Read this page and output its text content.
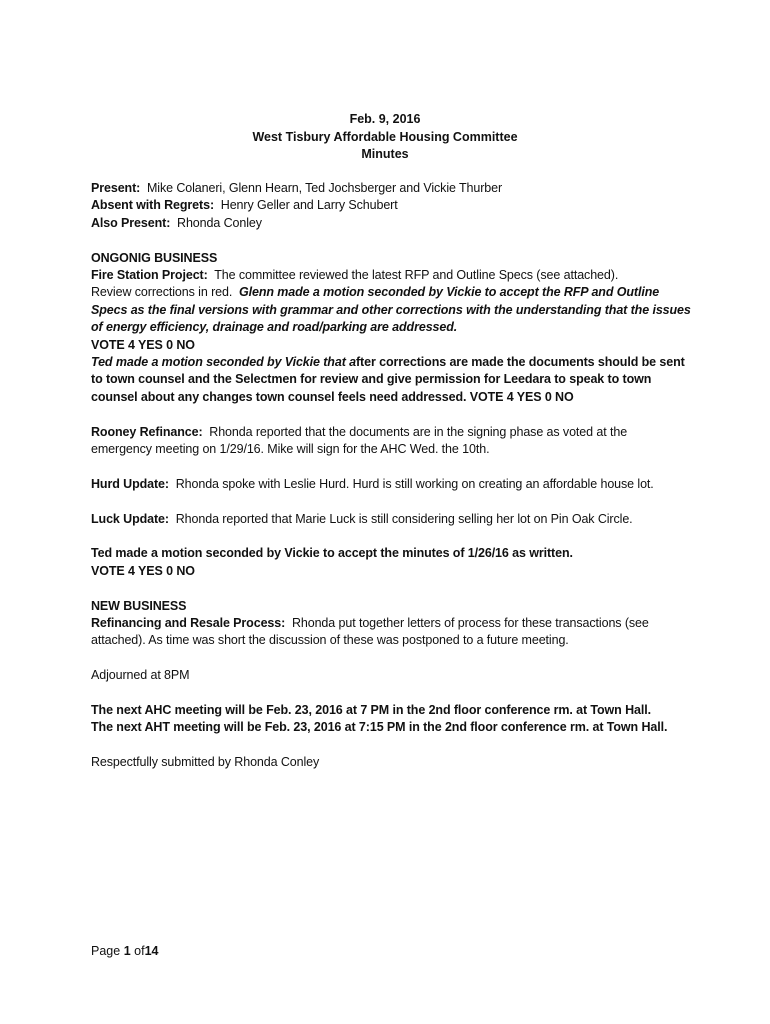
Feb. 9, 2016
West Tisbury Affordable Housing Committee
Minutes

Present: Mike Colaneri, Glenn Hearn, Ted Jochsberger and Vickie Thurber
Absent with Regrets: Henry Geller and Larry Schubert
Also Present: Rhonda Conley

ONGONIG BUSINESS
Fire Station Project: The committee reviewed the latest RFP and Outline Specs (see attached).
Review corrections in red. Glenn made a motion seconded by Vickie to accept the RFP and Outline
Specs as the final versions with grammar and other corrections with the understanding that the issues
of energy efficiency, drainage and road/parking are addressed.
VOTE 4 YES 0 NO
Ted made a motion seconded by Vickie that after corrections are made the documents should be sent
to town counsel and the Selectmen for review and give permission for Leedara to speak to town
counsel about any changes town counsel feels need addressed. VOTE 4 YES 0 NO

Rooney Refinance: Rhonda reported that the documents are in the signing phase as voted at the
emergency meeting on 1/29/16. Mike will sign for the AHC Wed. the 10th.

Hurd Update: Rhonda spoke with Leslie Hurd. Hurd is still working on creating an affordable house lot.

Luck Update: Rhonda reported that Marie Luck is still considering selling her lot on Pin Oak Circle.

Ted made a motion seconded by Vickie to accept the minutes of 1/26/16 as written.
VOTE 4 YES 0 NO

NEW BUSINESS
Refinancing and Resale Process: Rhonda put together letters of process for these transactions (see
attached). As time was short the discussion of these was postponed to a future meeting.

Adjourned at 8PM

The next AHC meeting will be Feb. 23, 2016 at 7 PM in the 2nd floor conference rm. at Town Hall.
The next AHT meeting will be Feb. 23, 2016 at 7:15 PM in the 2nd floor conference rm. at Town Hall.

Respectfully submitted by Rhonda Conley

Page 1 of14
